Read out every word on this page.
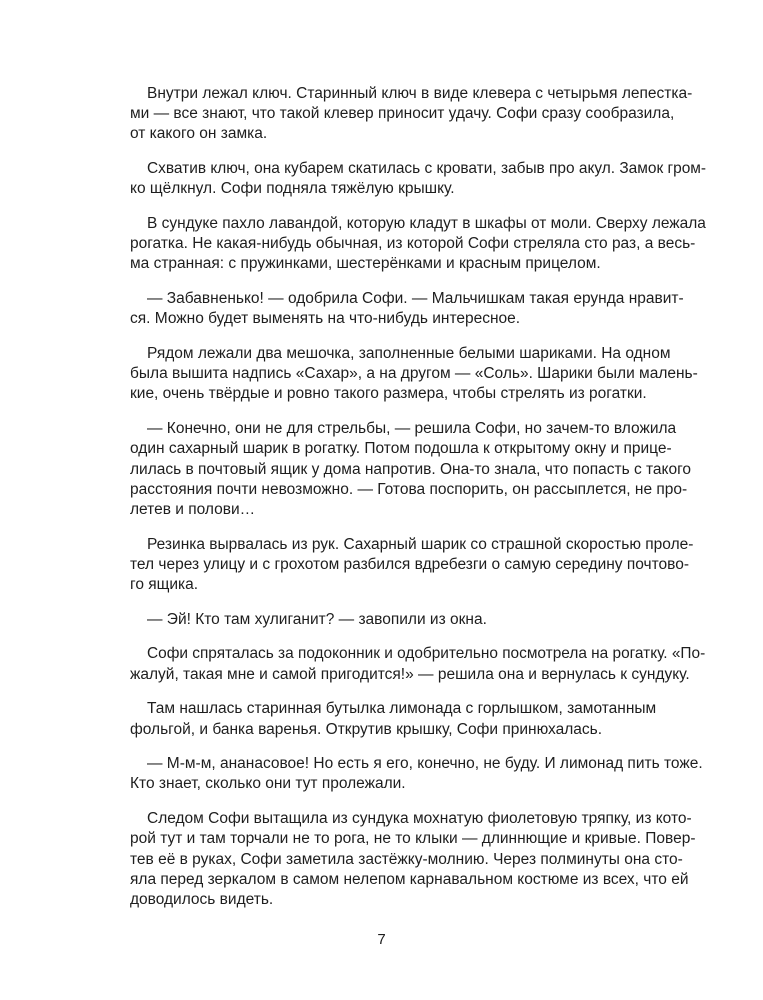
Внутри лежал ключ. Старинный ключ в виде клевера с четырьмя лепестка-
ми — все знают, что такой клевер приносит удачу. Софи сразу сообразила,
от какого он замка.
Схватив ключ, она кубарем скатилась с кровати, забыв про акул. Замок гром-
ко щёлкнул. Софи подняла тяжёлую крышку.
В сундуке пахло лавандой, которую кладут в шкафы от моли. Сверху лежала
рогатка. Не какая-нибудь обычная, из которой Софи стреляла сто раз, а весь-
ма странная: с пружинками, шестерёнками и красным прицелом.
— Забавненько! — одобрила Софи. — Мальчишкам такая ерунда нравит-
ся. Можно будет выменять на что-нибудь интересное.
Рядом лежали два мешочка, заполненные белыми шариками. На одном
была вышита надпись «Сахар», а на другом — «Соль». Шарики были малень-
кие, очень твёрдые и ровно такого размера, чтобы стрелять из рогатки.
— Конечно, они не для стрельбы, — решила Софи, но зачем-то вложила
один сахарный шарик в рогатку. Потом подошла к открытому окну и прице-
лилась в почтовый ящик у дома напротив. Она-то знала, что попасть с такого
расстояния почти невозможно. — Готова поспорить, он рассыплется, не про-
летев и полови…
Резинка вырвалась из рук. Сахарный шарик со страшной скоростью проле-
тел через улицу и с грохотом разбился вдребезги о самую середину почтово-
го ящика.
— Эй! Кто там хулиганит? — завопили из окна.
Софи спряталась за подоконник и одобрительно посмотрела на рогатку. «По-
жалуй, такая мне и самой пригодится!» — решила она и вернулась к сундуку.
Там нашлась старинная бутылка лимонада с горлышком, замотанным
фольгой, и банка варенья. Открутив крышку, Софи принюхалась.
— М-м-м, ананасовое! Но есть я его, конечно, не буду. И лимонад пить тоже.
Кто знает, сколько они тут пролежали.
Следом Софи вытащила из сундука мохнатую фиолетовую тряпку, из кото-
рой тут и там торчали не то рога, не то клыки — длиннющие и кривые. Повер-
тев её в руках, Софи заметила застёжку-молнию. Через полминуты она сто-
яла перед зеркалом в самом нелепом карнавальном костюме из всех, что ей
доводилось видеть.
7
